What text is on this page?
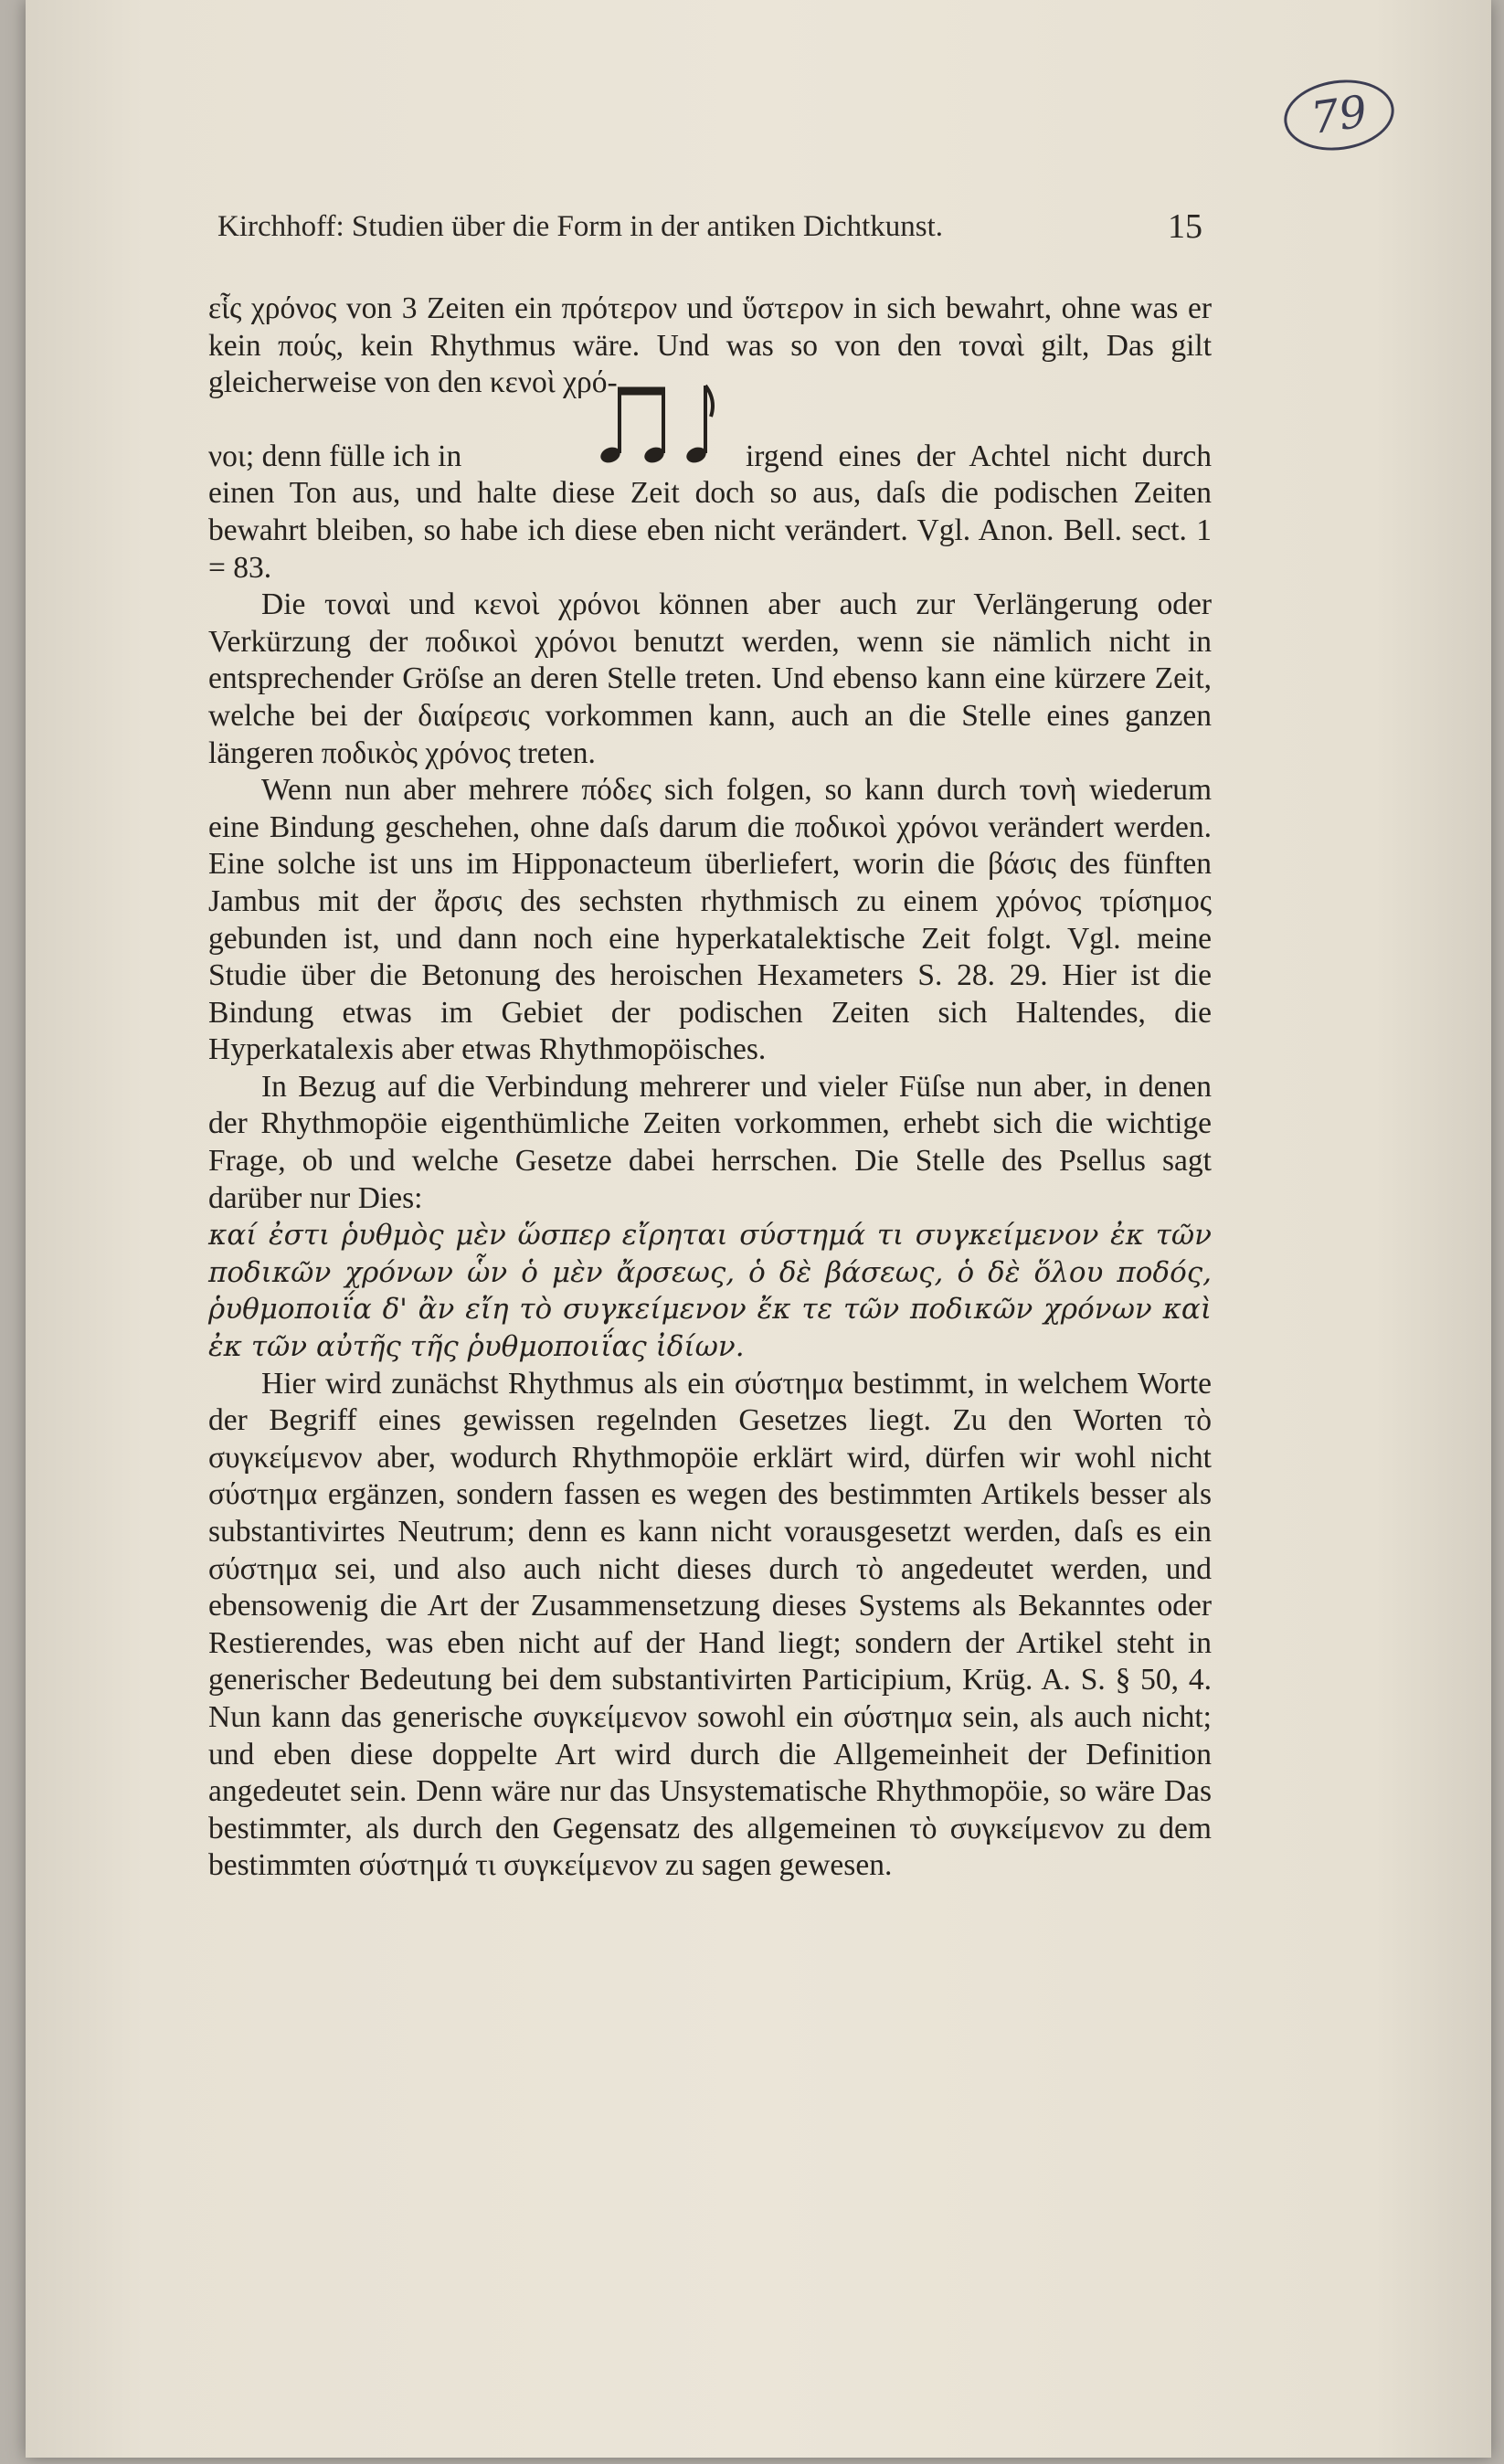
79
Kirchhoff: Studien über die Form in der antiken Dichtkunst.	15

εἷς χρόνος von 3 Zeiten ein πρότερον und ὕστερον in sich bewahrt, ohne was er kein πούς, kein Rhythmus wäre. Und was so von den τοναὶ gilt, Das gilt gleicherweise von den κενοὶ χρό-

νοι; denn fülle ich in	irgend eines der Achtel nicht durch einen Ton aus, und halte diese Zeit doch so aus, daſs die podischen Zeiten bewahrt bleiben, so habe ich diese eben nicht verändert. Vgl. Anon. Bell. sect. 1 = 83.

Die τοναὶ und κενοὶ χρόνοι können aber auch zur Verlängerung oder Verkürzung der ποδικοὶ χρόνοι benutzt werden, wenn sie nämlich nicht in entsprechender Gröſse an deren Stelle treten. Und ebenso kann eine kürzere Zeit, welche bei der διαίρεσις vorkommen kann, auch an die Stelle eines ganzen längeren ποδικὸς χρόνος treten.

Wenn nun aber mehrere πόδες sich folgen, so kann durch τονὴ wiederum eine Bindung geschehen, ohne daſs darum die ποδικοὶ χρόνοι verändert werden. Eine solche ist uns im Hipponacteum überliefert, worin die βάσις des fünften Jambus mit der ἄρσις des sechsten rhythmisch zu einem χρόνος τρίσημος gebunden ist, und dann noch eine hyperkatalektische Zeit folgt. Vgl. meine Studie über die Betonung des heroischen Hexameters S. 28. 29. Hier ist die Bindung etwas im Gebiet der podischen Zeiten sich Haltendes, die Hyperkatalexis aber etwas Rhythmopöisches.

In Bezug auf die Verbindung mehrerer und vieler Füſse nun aber, in denen der Rhythmopöie eigenthümliche Zeiten vorkommen, erhebt sich die wichtige Frage, ob und welche Gesetze dabei herrschen. Die Stelle des Psellus sagt darüber nur Dies:

καί ἐστι ῥυθμὸς μὲν ὥσπερ εἴρηται σύστημά τι συγκείμενον ἐκ τῶν ποδικῶν χρόνων ὧν ὁ μὲν ἄρσεως, ὁ δὲ βάσεως, ὁ δὲ ὅλου ποδός, ῥυθμοποιΐα δ' ἂν εἴη τὸ συγκείμενον ἔκ τε τῶν ποδικῶν χρόνων καὶ ἐκ τῶν αὐτῆς τῆς ῥυθμοποιΐας ἰδίων.

Hier wird zunächst Rhythmus als ein σύστημα bestimmt, in welchem Worte der Begriff eines gewissen regelnden Gesetzes liegt. Zu den Worten τὸ συγκείμενον aber, wodurch Rhythmopöie erklärt wird, dürfen wir wohl nicht σύστημα ergänzen, sondern fassen es wegen des bestimmten Artikels besser als substantivirtes Neutrum; denn es kann nicht vorausgesetzt werden, daſs es ein σύστημα sei, und also auch nicht dieses durch τὸ angedeutet werden, und ebensowenig die Art der Zusammensetzung dieses Systems als Bekanntes oder Restierendes, was eben nicht auf der Hand liegt; sondern der Artikel steht in generischer Bedeutung bei dem substantivirten Participium, Krüg. A. S. § 50, 4. Nun kann das generische συγκείμενον sowohl ein σύστημα sein, als auch nicht; und eben diese doppelte Art wird durch die Allgemeinheit der Definition angedeutet sein. Denn wäre nur das Unsystematische Rhythmopöie, so wäre Das bestimmter, als durch den Gegensatz des allgemeinen τὸ συγκείμενον zu dem bestimmten σύστημά τι συγκείμενον zu sagen gewesen.
